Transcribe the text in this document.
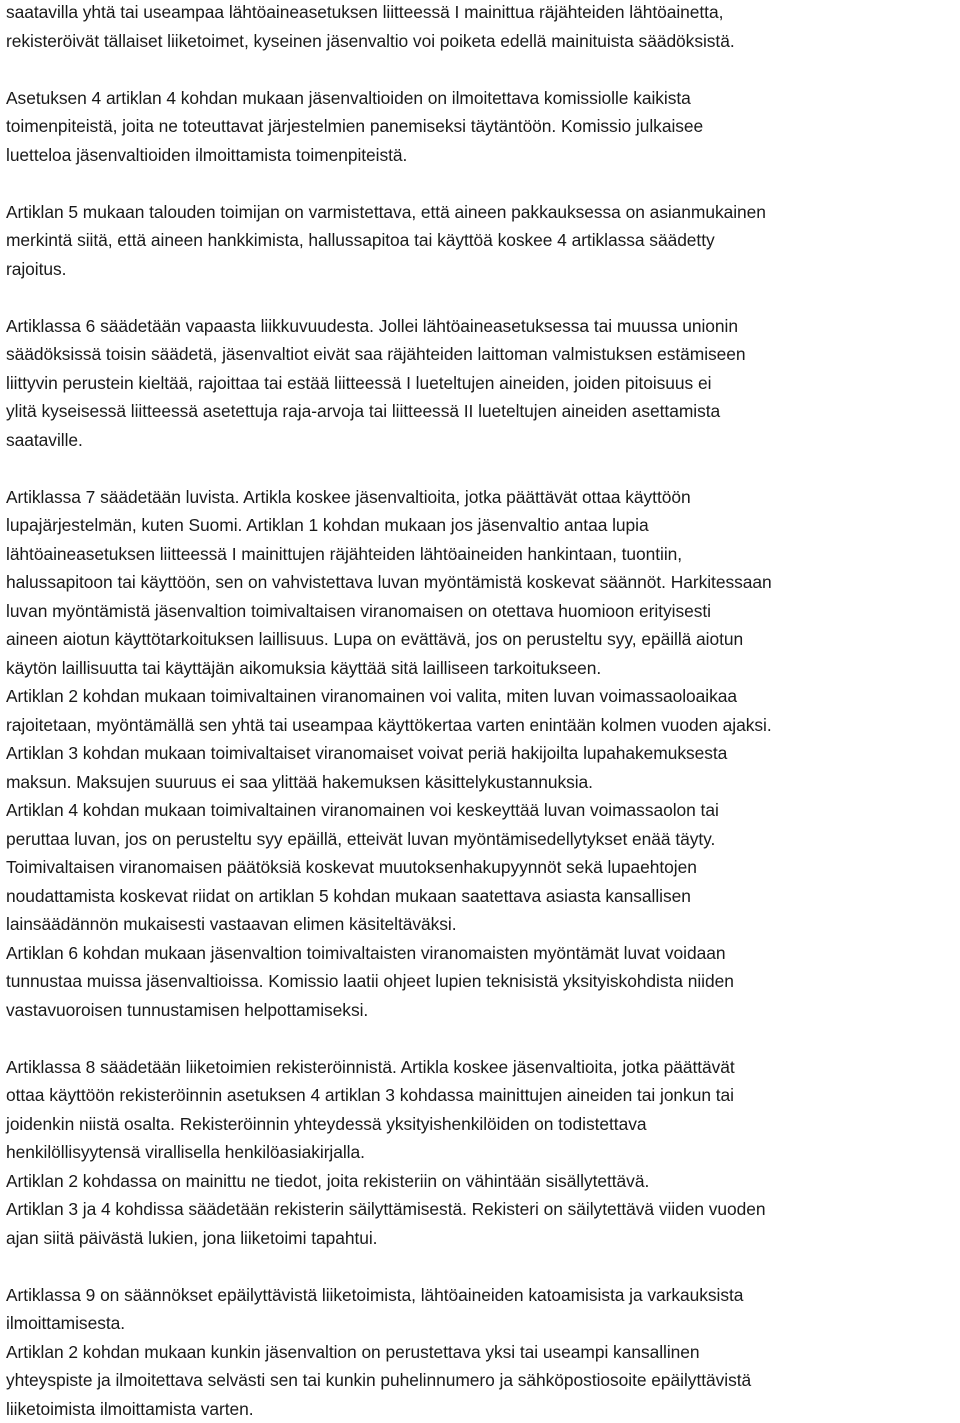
saatavilla yhtä tai useampaa lähtöaineasetuksen liitteessä I mainittua räjähteiden lähtöainetta,
rekisteröivät tällaiset liiketoimet, kyseinen jäsenvaltio voi poiketa edellä mainituista säädöksistä.
Asetuksen 4 artiklan 4 kohdan mukaan jäsenvaltioiden on ilmoitettava komissiolle kaikista
toimenpiteistä, joita ne toteuttavat järjestelmien panemiseksi täytäntöön. Komissio julkaisee
luetteloa jäsenvaltioiden ilmoittamista toimenpiteistä.
Artiklan 5 mukaan talouden toimijan on varmistettava, että aineen pakkauksessa on asianmukainen
merkintä siitä, että aineen hankkimista, hallussapitoa tai käyttöä koskee 4 artiklassa säädetty
rajoitus.
Artiklassa 6 säädetään vapaasta liikkuvuudesta. Jollei lähtöaineasetuksessa tai muussa unionin
säädöksissä toisin säädetä, jäsenvaltiot eivät saa räjähteiden laittoman valmistuksen estämiseen
liittyvin perustein kieltää, rajoittaa tai estää liitteessä I lueteltujen aineiden, joiden pitoisuus ei
ylitä kyseisessä liitteessä asetettuja raja-arvoja tai liitteessä II lueteltujen aineiden asettamista
saataville.
Artiklassa 7 säädetään luvista. Artikla koskee jäsenvaltioita, jotka päättävät ottaa käyttöön
lupajärjestelmän, kuten Suomi. Artiklan 1 kohdan mukaan jos jäsenvaltio antaa lupia
lähtöaineasetuksen liitteessä I mainittujen räjähteiden lähtöaineiden hankintaan, tuontiin,
halussapitoon tai käyttöön, sen on vahvistettava luvan myöntämistä koskevat säännöt. Harkitessaan
luvan myöntämistä jäsenvaltion toimivaltaisen viranomaisen on otettava huomioon erityisesti
aineen aiotun käyttötarkoituksen laillisuus. Lupa on evättävä, jos on perusteltu syy, epäillä aiotun
käytön laillisuutta tai käyttäjän aikomuksia käyttää sitä lailliseen tarkoitukseen.
Artiklan 2 kohdan mukaan toimivaltainen viranomainen voi valita, miten luvan voimassaoloaikaa
rajoitetaan, myöntämällä sen yhtä tai useampaa käyttökertaa varten enintään kolmen vuoden ajaksi.
Artiklan 3 kohdan mukaan toimivaltaiset viranomaiset voivat periä hakijoilta lupahakemuksesta
maksun. Maksujen suuruus ei saa ylittää hakemuksen käsittelykustannuksia.
Artiklan 4 kohdan mukaan toimivaltainen viranomainen voi keskeyttää luvan voimassaolon tai
peruttaa luvan, jos on perusteltu syy epäillä, etteivät luvan myöntämisedellytykset enää täyty.
Toimivaltaisen viranomaisen päätöksiä koskevat muutoksenhakupyynnöt sekä lupaehtojen
noudattamista koskevat riidat on artiklan 5 kohdan mukaan saatettava asiasta kansallisen
lainsäädännön mukaisesti vastaavan elimen käsiteltäväksi.
Artiklan 6 kohdan mukaan jäsenvaltion toimivaltaisten viranomaisten myöntämät luvat voidaan
tunnustaa muissa jäsenvaltioissa. Komissio laatii ohjeet lupien teknisistä yksityiskohdista niiden
vastavuoroisen tunnustamisen helpottamiseksi.
Artiklassa 8 säädetään liiketoimien rekisteröinnistä. Artikla koskee jäsenvaltioita, jotka päättävät
ottaa käyttöön rekisteröinnin asetuksen 4 artiklan 3 kohdassa mainittujen aineiden tai jonkun tai
joidenkin niistä osalta. Rekisteröinnin yhteydessä yksityishenkilöiden on todistettava
henkilöllisyytensä virallisella henkilöasiakirjalla.
Artiklan 2 kohdassa on mainittu ne tiedot, joita rekisteriin on vähintään sisällytettävä.
Artiklan 3 ja 4 kohdissa säädetään rekisterin säilyttämisestä. Rekisteri on säilytettävä viiden vuoden
ajan siitä päivästä lukien, jona liiketoimi tapahtui.
Artiklassa 9 on säännökset epäilyttävistä liiketoimista, lähtöaineiden katoamisista ja varkauksista
ilmoittamisesta.
Artiklan 2 kohdan mukaan kunkin jäsenvaltion on perustettava yksi tai useampi kansallinen
yhteyspiste ja ilmoitettava selvästi sen tai kunkin puhelinnumero ja sähköpostiosoite epäilyttävistä
liiketoimista ilmoittamista varten.
